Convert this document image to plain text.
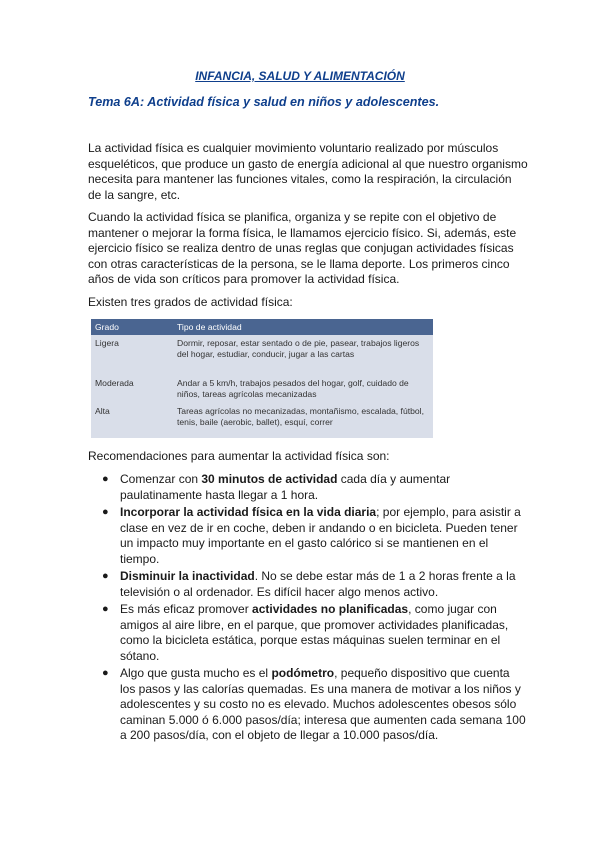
INFANCIA, SALUD Y ALIMENTACIÓN
Tema 6A: Actividad física y salud en niños y adolescentes.

La actividad física es cualquier movimiento voluntario realizado por músculos esqueléticos, que produce un gasto de energía adicional al que nuestro organismo necesita para mantener las funciones vitales, como la respiración, la circulación de la sangre, etc.

Cuando la actividad física se planifica, organiza y se repite con el objetivo de mantener o mejorar la forma física, le llamamos ejercicio físico. Si, además, este ejercicio físico se realiza dentro de unas reglas que conjugan actividades físicas con otras características de la persona, se le llama deporte. Los primeros cinco años de vida son críticos para promover la actividad física.

Existen tres grados de actividad física:

Grado	Tipo de actividad
Ligera	Dormir, reposar, estar sentado o de pie, pasear, trabajos ligeros del hogar, estudiar, conducir, jugar a las cartas
Moderada	Andar a 5 km/h, trabajos pesados del hogar, golf, cuidado de niños, tareas agrícolas mecanizadas
Alta	Tareas agrícolas no mecanizadas, montañismo, escalada, fútbol, tenis, baile (aerobic, ballet), esquí, correr

Recomendaciones para aumentar la actividad física son:

● Comenzar con 30 minutos de actividad cada día y aumentar paulatinamente hasta llegar a 1 hora.
● Incorporar la actividad física en la vida diaria; por ejemplo, para asistir a clase en vez de ir en coche, deben ir andando o en bicicleta. Pueden tener un impacto muy importante en el gasto calórico si se mantienen en el tiempo.
● Disminuir la inactividad. No se debe estar más de 1 a 2 horas frente a la televisión o al ordenador. Es difícil hacer algo menos activo.
● Es más eficaz promover actividades no planificadas, como jugar con amigos al aire libre, en el parque, que promover actividades planificadas, como la bicicleta estática, porque estas máquinas suelen terminar en el sótano.
● Algo que gusta mucho es el podómetro, pequeño dispositivo que cuenta los pasos y las calorías quemadas. Es una manera de motivar a los niños y adolescentes y su costo no es elevado. Muchos adolescentes obesos sólo caminan 5.000 ó 6.000 pasos/día; interesa que aumenten cada semana 100 a 200 pasos/día, con el objeto de llegar a 10.000 pasos/día.
